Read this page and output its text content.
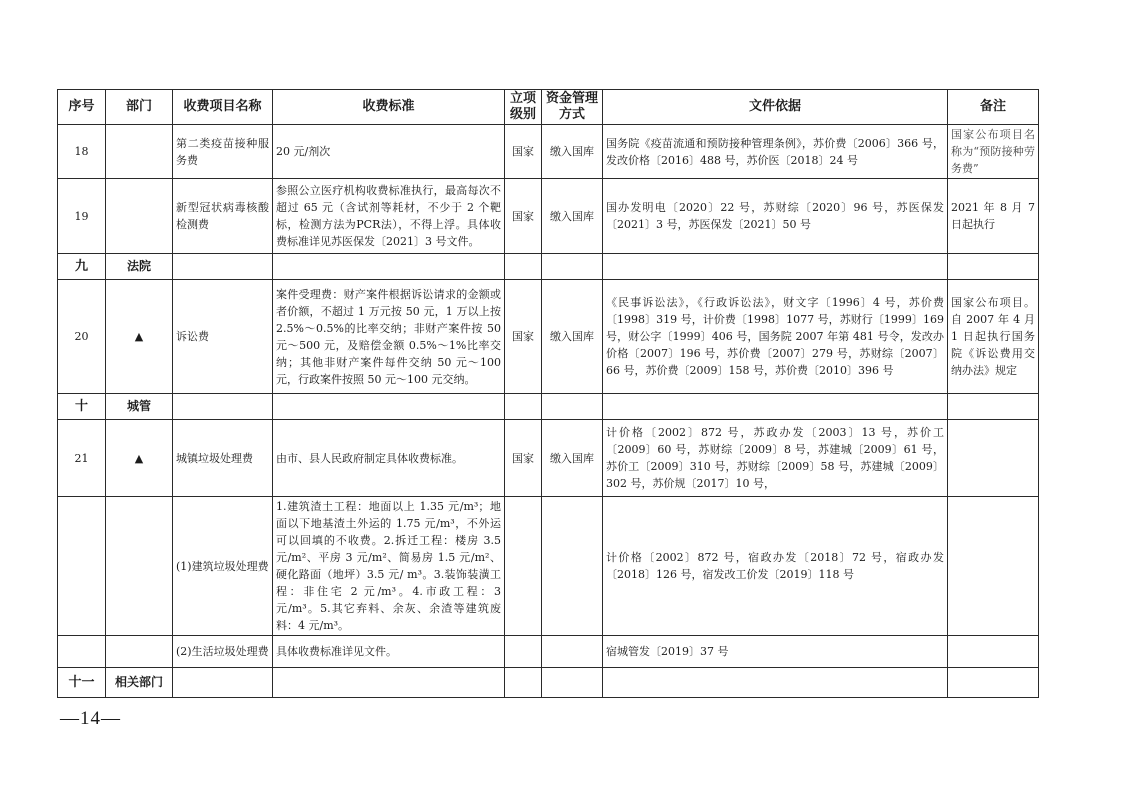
序号	部门	收费项目名称	收费标准	立项级别	资金管理方式	文件依据	备注
18		第二类疫苗接种服务费	20 元/剂次	国家	缴入国库	国务院《疫苗流通和预防接种管理条例》，苏价费〔2006〕366 号，发改价格〔2016〕488 号，苏价医〔2018〕24 号	国家公布项目名称为“预防接种劳务费”
19		新型冠状病毒核酸检测费	参照公立医疗机构收费标准执行，最高每次不超过 65 元（含试剂等耗材，不少于 2 个靶标，检测方法为PCR法），不得上浮。具体收费标准详见苏医保发〔2021〕3 号文件。	国家	缴入国库	国办发明电〔2020〕22 号，苏财综〔2020〕96 号，苏医保发〔2021〕3 号，苏医保发〔2021〕50 号	2021 年 8 月 7 日起执行
九	法院						
20	▲	诉讼费	案件受理费：财产案件根据诉讼请求的金额或者价额，不超过 1 万元按 50 元，1 万以上按 2.5%～0.5%的比率交纳；非财产案件按 50 元～500 元，及赔偿金额 0.5%～1%比率交纳；其他非财产案件每件交纳 50 元～100 元，行政案件按照 50 元～100 元交纳。	国家	缴入国库	《民事诉讼法》，《行政诉讼法》，财文字〔1996〕4 号，苏价费〔1998〕319 号，计价费〔1998〕1077 号，苏财行〔1999〕169 号，财公字〔1999〕406 号，国务院 2007 年第 481 号令，发改办价格〔2007〕196 号，苏价费〔2007〕279 号，苏财综〔2007〕66 号，苏价费〔2009〕158 号，苏价费〔2010〕396 号	国家公布项目。自 2007 年 4 月 1 日起执行国务院《诉讼费用交纳办法》规定
十	城管						
21	▲	城镇垃圾处理费	由市、县人民政府制定具体收费标准。	国家	缴入国库	计价格〔2002〕872 号，苏政办发〔2003〕13 号，苏价工〔2009〕60 号，苏财综〔2009〕8 号，苏建城〔2009〕61 号，苏价工〔2009〕310 号，苏财综〔2009〕58 号，苏建城〔2009〕302 号，苏价规〔2017〕10 号，	
		(1)建筑垃圾处理费	1.建筑渣土工程：地面以上 1.35 元/m³；地面以下地基渣土外运的 1.75 元/m³，不外运可以回填的不收费。2.拆迁工程：楼房 3.5 元/m²、平房 3 元/m²、简易房 1.5 元/m²、硬化路面（地坪）3.5 元/ m³。3.装饰装潢工程：非住宅 2 元/m³。4.市政工程：3 元/m³。5.其它弃料、余灰、余渣等建筑废料：4 元/m³。			计价格〔2002〕872 号，宿政办发〔2018〕72 号，宿政办发〔2018〕126 号，宿发改工价发〔2019〕118 号	
		(2)生活垃圾处理费	具体收费标准详见文件。			宿城管发〔2019〕37 号	
十一	相关部门						
—14—
